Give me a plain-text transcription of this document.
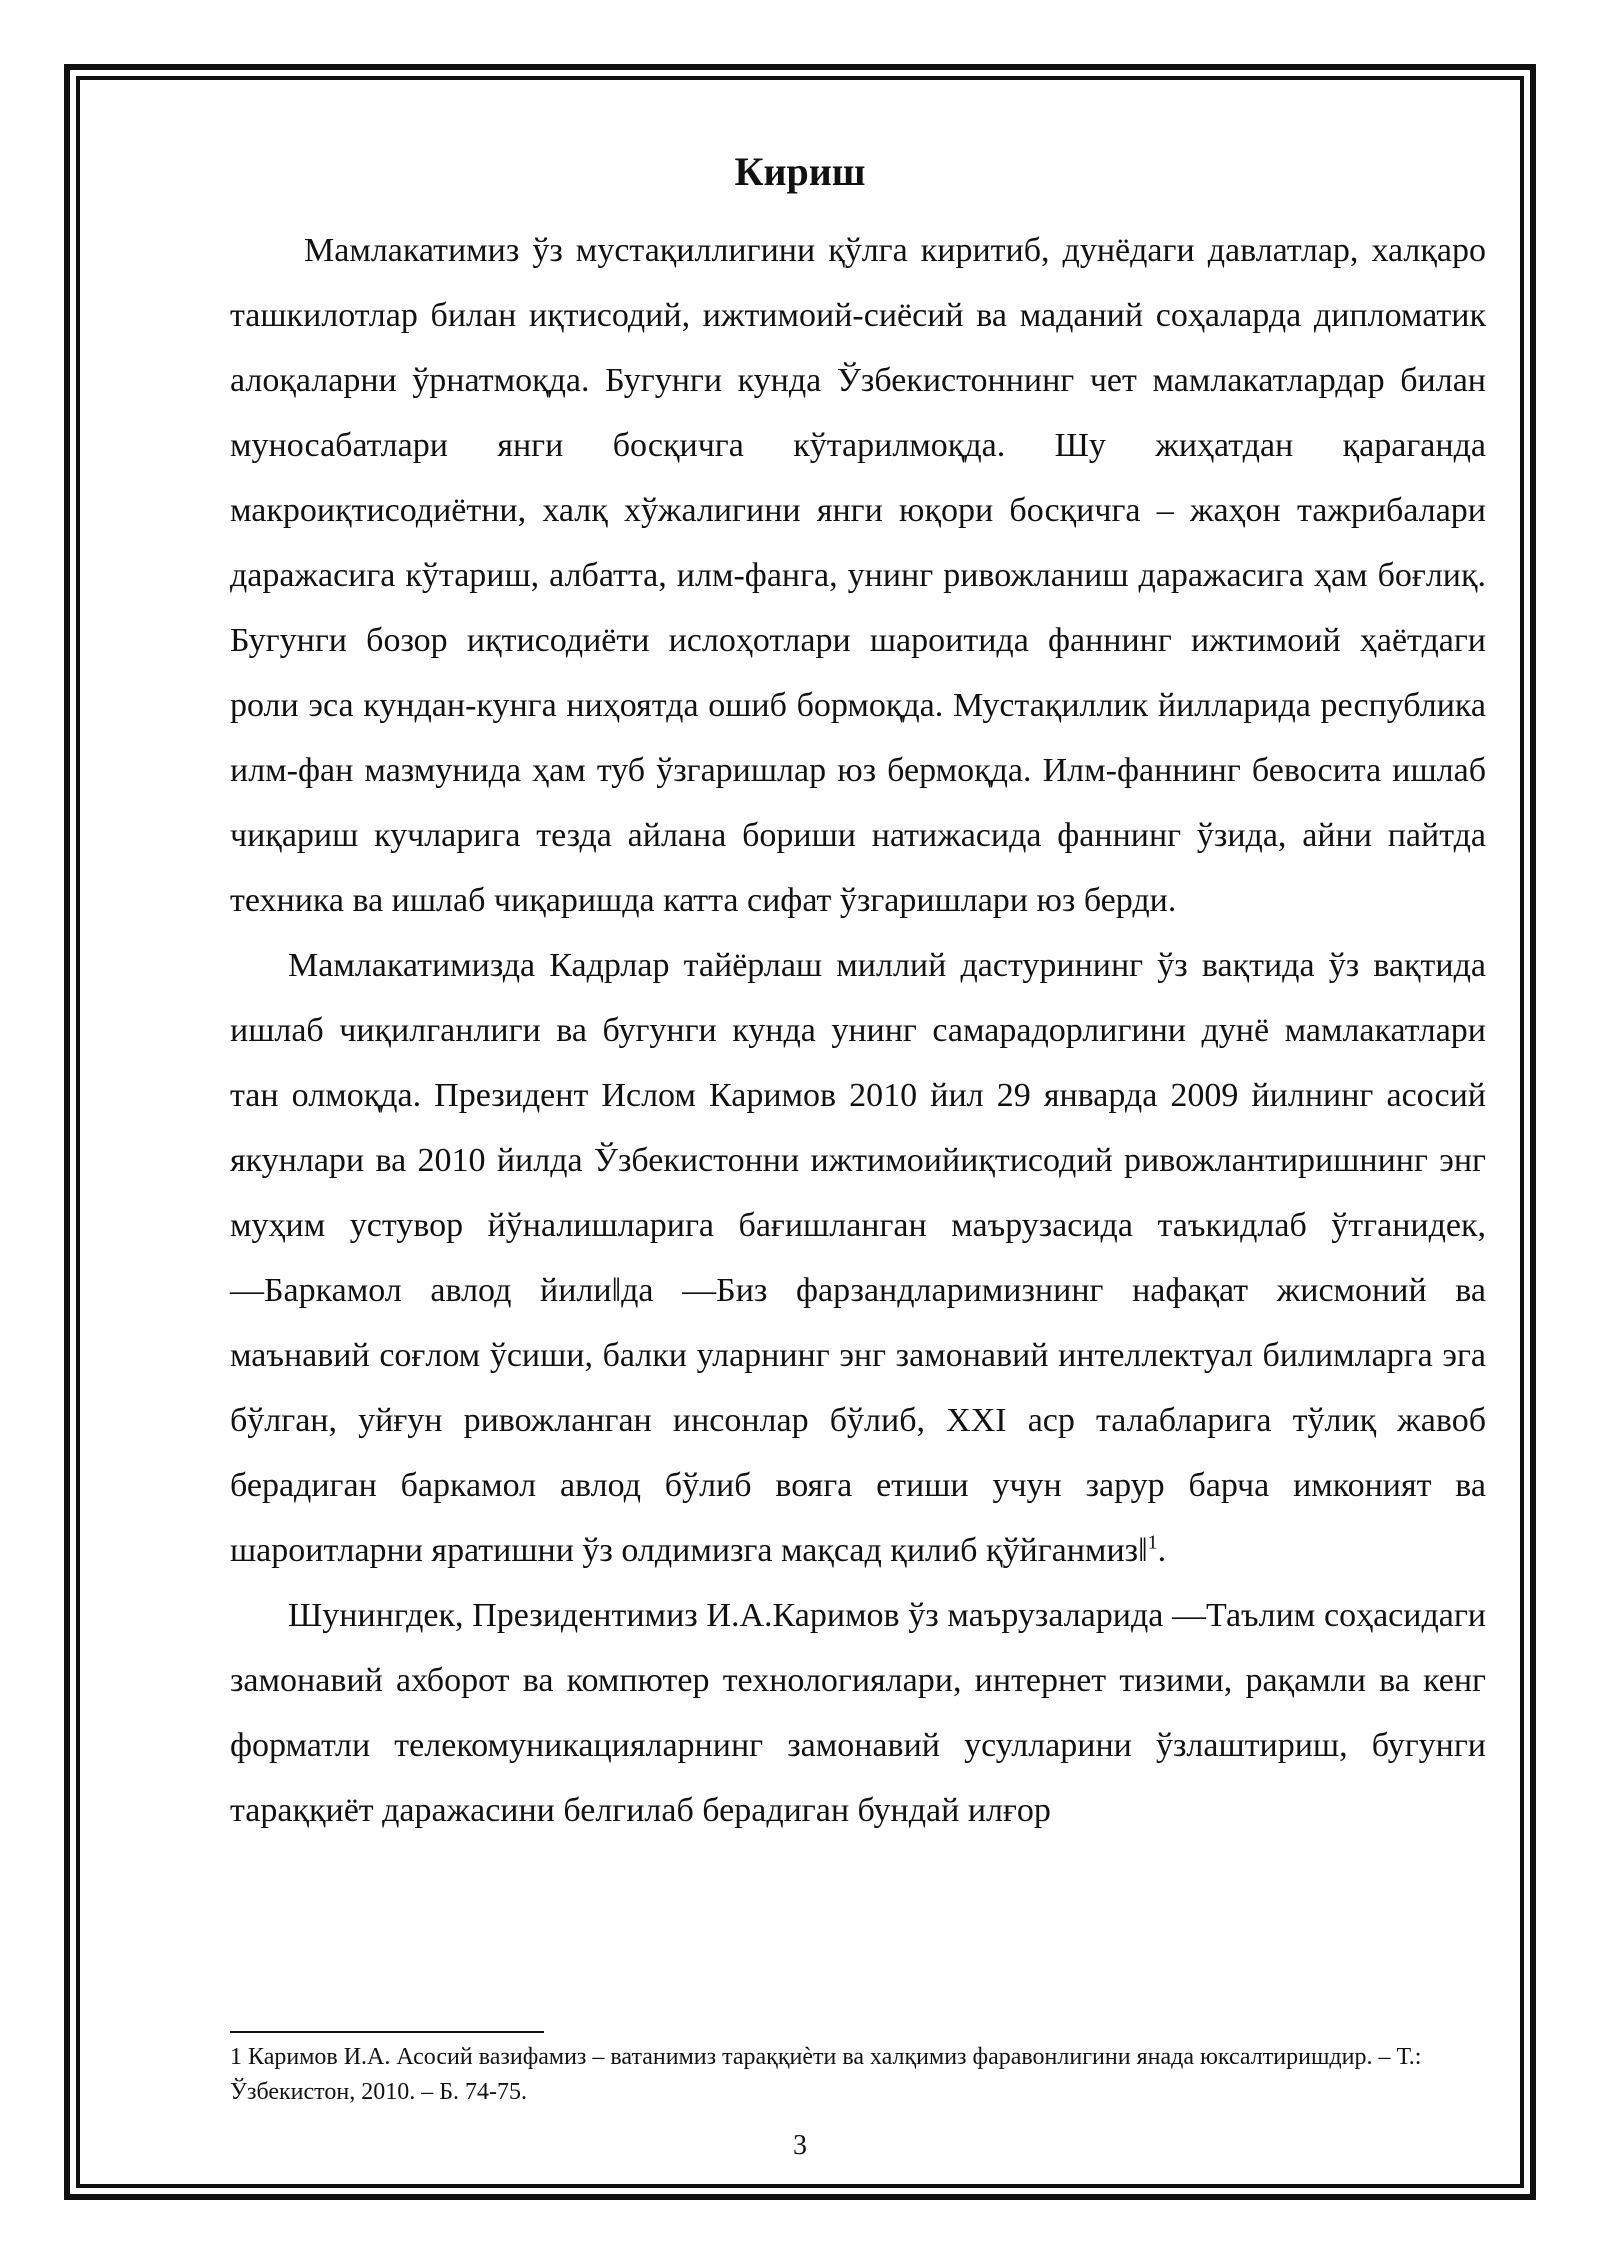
Кириш

Мамлакатимиз ўз мустақиллигини қўлга киритиб, дунёдаги давлатлар, халқаро ташкилотлар билан иқтисодий, ижтимоий-сиёсий ва маданий соҳаларда дипломатик алоқаларни ўрнатмоқда. Бугунги кунда Ўзбекистоннинг чет мамлакатлардар билан муносабатлари янги босқичга кўтарилмоқда. Шу жиҳатдан қараганда макроиқтисодиётни, халқ хўжалигини янги юқори босқичга – жаҳон тажрибалари даражасига кўтариш, албатта, илм-фанга, унинг ривожланиш даражасига ҳам боғлиқ. Бугунги бозор иқтисодиёти ислоҳотлари шароитида фаннинг ижтимоий ҳаётдаги роли эса кундан-кунга ниҳоятда ошиб бормоқда. Мустақиллик йилларида республика илм-фан мазмунида ҳам туб ўзгаришлар юз бермоқда. Илм-фаннинг бевосита ишлаб чиқариш кучларига тезда айлана бориши натижасида фаннинг ўзида, айни пайтда техника ва ишлаб чиқаришда катта сифат ўзгаришлари юз берди.

Мамлакатимизда Кадрлар тайёрлаш миллий дастурининг ўз вақтида ўз вақтида ишлаб чиқилганлиги ва бугунги кунда унинг самарадорлигини дунё мамлакатлари тан олмоқда. Президент Ислом Каримов 2010 йил 29 январда 2009 йилнинг асосий якунлари ва 2010 йилда Ўзбекистонни ижтимоийиқтисодий ривожлантиришнинг энг муҳим устувор йўналишларига бағишланган маърузасида таъкидлаб ўтганидек, ―Баркамол авлод йили‖да ―Биз фарзандларимизнинг нафақат жисмоний ва маънавий соғлом ўсиши, балки уларнинг энг замонавий интеллектуал билимларга эга бўлган, уйғун ривожланган инсонлар бўлиб, XXI аср талабларига тўлиқ жавоб берадиган баркамол авлод бўлиб вояга етиши учун зарур барча имконият ва шароитларни яратишни ўз олдимизга мақсад қилиб қўйганмиз‖$^1$.

Шунингдек, Президентимиз И.А.Каримов ўз маърузаларида ―Таълим соҳасидаги замонавий ахборот ва компютер технологиялари, интернет тизими, рақамли ва кенг форматли телекомуникацияларнинг замонавий усулларини ўзлаштириш, бугунги тараққиёт даражасини белгилаб берадиган бундай илғор

1 Каримов И.А. Асосий вазифамиз – ватанимиз тараққиѐти ва халқимиз фаравонлигини янада юксалтиришдир. – Т.: Ўзбекистон, 2010. – Б. 74-75.

3
